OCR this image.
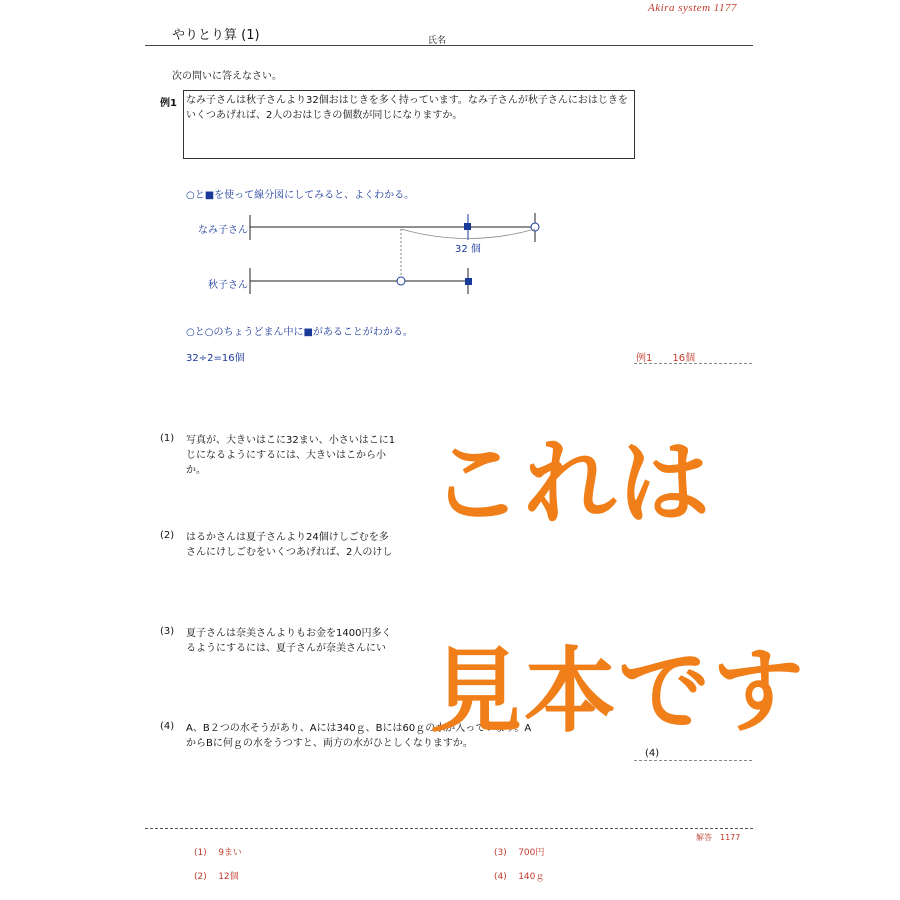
Akira system 1177
やりとり算 (1)	氏名
次の問いに答えなさい。
例1 なみ子さんは秋子さんより32個おはじきを多く持っています。なみ子さんが秋子さんにおはじきをいくつあげれば、2人のおはじきの個数が同じになりますか。
○と■を使って線分図にしてみると、よくわかる。
なみ子さん
秋子さん
32 個
○と○のちょうどまん中に■があることがわかる。
32÷2=16個	例1　　16個
(1) 写真が、大きいはこに32まい、小さいはこに1
じになるようにするには、大きいはこから小
か。
(2) はるかさんは夏子さんより24個けしごむを多
さんにけしごむをいくつあげれば、2人のけし
(3) 夏子さんは奈美さんよりもお金を1400円多く
るようにするには、夏子さんが奈美さんにい
(4) A、B２つの水そうがあり、Aには340ｇ、Bには60ｇの水が入っています。A
からBに何ｇの水をうつすと、両方の水がひとしくなりますか。
(4)
これは
見本です
解答　1177
(1) 9まい
(2) 12個
(3) 700円
(4) 140ｇ
